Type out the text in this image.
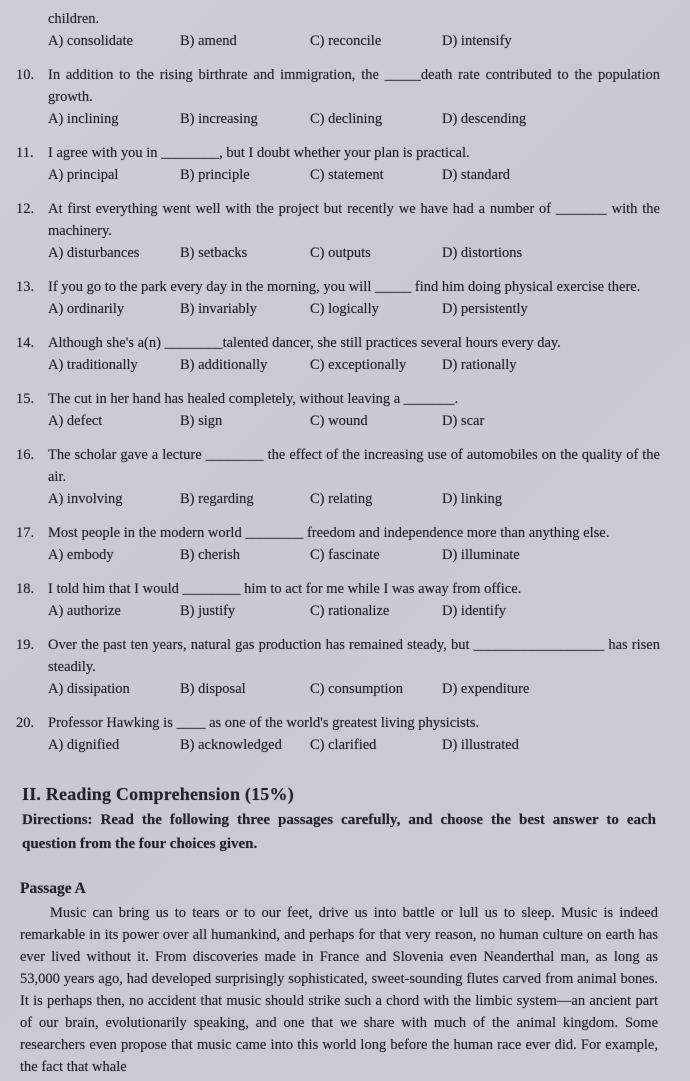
children.
A) consolidate	B) amend	C) reconcile	D) intensify
10. In addition to the rising birthrate and immigration, the _____death rate contributed to the population growth.
A) inclining	B) increasing	C) declining	D) descending
11. I agree with you in ________, but I doubt whether your plan is practical.
A) principal	B) principle	C) statement	D) standard
12. At first everything went well with the project but recently we have had a number of _______ with the machinery.
A) disturbances	B) setbacks	C) outputs	D) distortions
13. If you go to the park every day in the morning, you will _____ find him doing physical exercise there.
A) ordinarily	B) invariably	C) logically	D) persistently
14. Although she's a(n) ________talented dancer, she still practices several hours every day.
A) traditionally	B) additionally	C) exceptionally	D) rationally
15. The cut in her hand has healed completely, without leaving a _______.
A) defect	B) sign	C) wound	D) scar
16. The scholar gave a lecture ________ the effect of the increasing use of automobiles on the quality of the air.
A) involving	B) regarding	C) relating	D) linking
17. Most people in the modern world ________ freedom and independence more than anything else.
A) embody	B) cherish	C) fascinate	D) illuminate
18. I told him that I would ________ him to act for me while I was away from office.
A) authorize	B) justify	C) rationalize	D) identify
19. Over the past ten years, natural gas production has remained steady, but __________________ has risen steadily.
A) dissipation	B) disposal	C) consumption	D) expenditure
20. Professor Hawking is ____ as one of the world's greatest living physicists.
A) dignified	B) acknowledged	C) clarified	D) illustrated
II. Reading Comprehension (15%)
Directions: Read the following three passages carefully, and choose the best answer to each question from the four choices given.
Passage A
Music can bring us to tears or to our feet, drive us into battle or lull us to sleep. Music is indeed remarkable in its power over all humankind, and perhaps for that very reason, no human culture on earth has ever lived without it. From discoveries made in France and Slovenia even Neanderthal man, as long as 53,000 years ago, had developed surprisingly sophisticated, sweet-sounding flutes carved from animal bones. It is perhaps then, no accident that music should strike such a chord with the limbic system—an ancient part of our brain, evolutionarily speaking, and one that we share with much of the animal kingdom. Some researchers even propose that music came into this world long before the human race ever did. For example, the fact that whale
